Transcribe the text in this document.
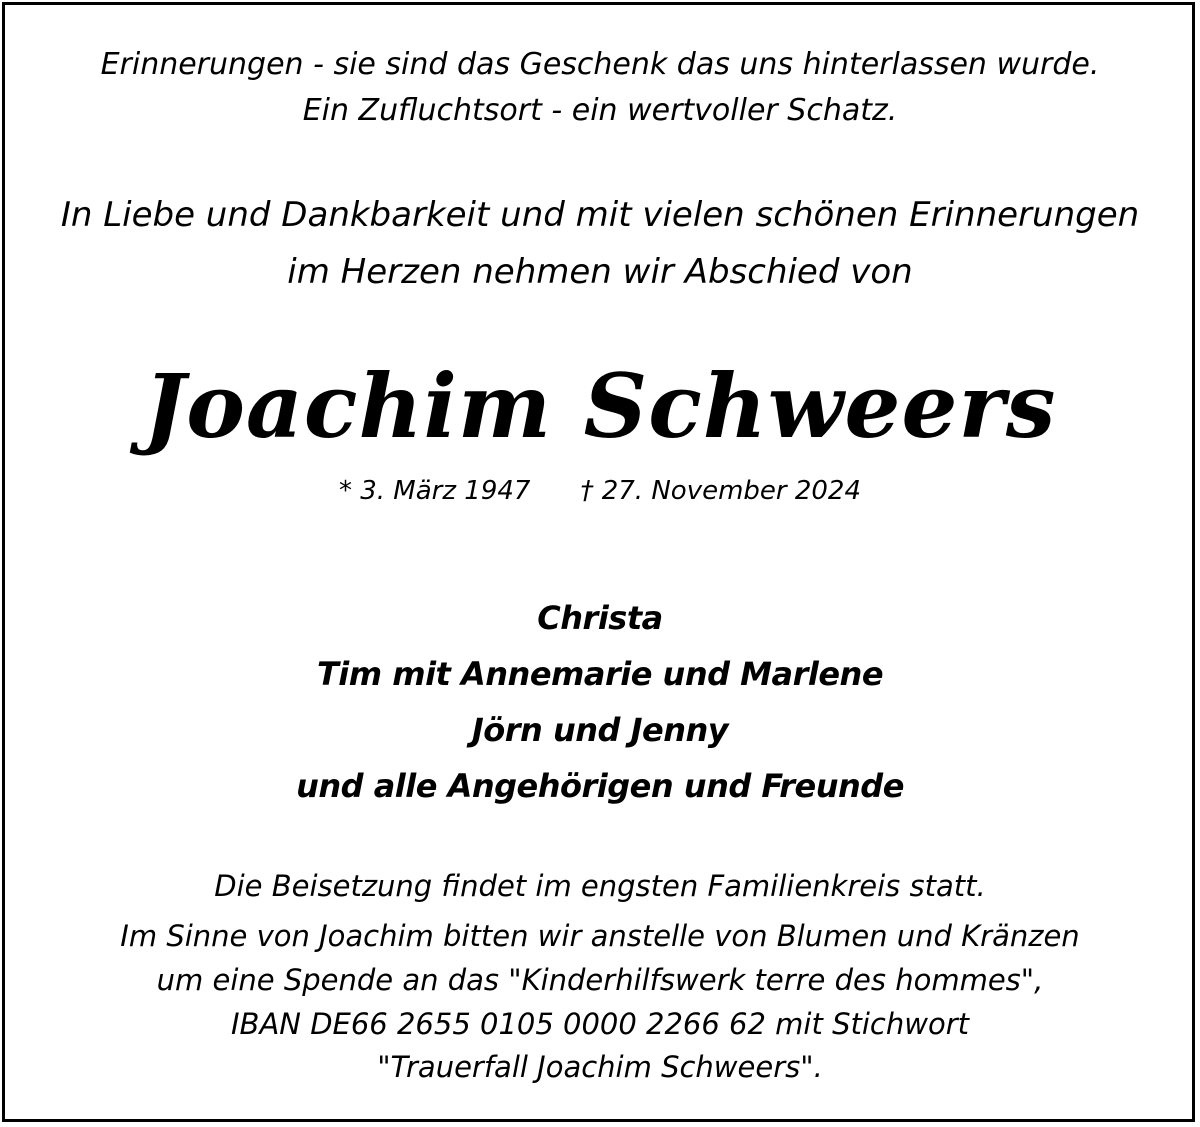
Erinnerungen - sie sind das Geschenk das uns hinterlassen wurde.
Ein Zufluchtsort - ein wertvoller Schatz.
In Liebe und Dankbarkeit und mit vielen schönen Erinnerungen
im Herzen nehmen wir Abschied von
Joachim Schweers
* 3. März 1947 † 27. November 2024
Christa
Tim mit Annemarie und Marlene
Jörn und Jenny
und alle Angehörigen und Freunde
Die Beisetzung findet im engsten Familienkreis statt.
Im Sinne von Joachim bitten wir anstelle von Blumen und Kränzen
um eine Spende an das "Kinderhilfswerk terre des hommes",
IBAN DE66 2655 0105 0000 2266 62 mit Stichwort
"Trauerfall Joachim Schweers".
